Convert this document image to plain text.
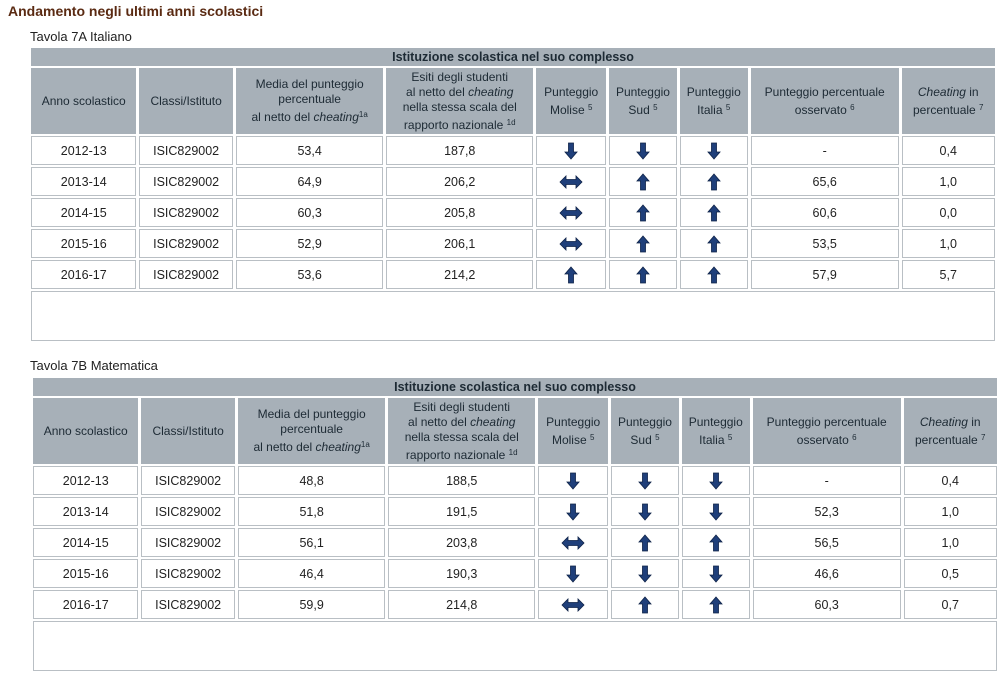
Andamento negli ultimi anni scolastici
Tavola 7A Italiano
Tavola 7B Matematica
Istituzione scolastica nel suo complesso								
Anno scolastico	Classi/Istituto	Media del punteggio
percentuale
al netto del cheating$^{1a}$	Esiti degli studenti
al netto del cheating
nella stessa scala del
rapporto nazionale $^{1d}$	Punteggio
Molise $^5$	Punteggio
Sud $^5$	Punteggio
Italia $^5$	Punteggio percentuale
osservato $^6$	Cheating in
percentuale $^7$
2012-13	ISIC829002	53,4	187,8				-	0,4
2013-14	ISIC829002	64,9	206,2				65,6	1,0
2014-15	ISIC829002	60,3	205,8				60,6	0,0
2015-16	ISIC829002	52,9	206,1				53,5	1,0
2016-17	ISIC829002	53,6	214,2				57,9	5,7

Istituzione scolastica nel suo complesso								
Anno scolastico	Classi/Istituto	Media del punteggio
percentuale
al netto del cheating$^{1a}$	Esiti degli studenti
al netto del cheating
nella stessa scala del
rapporto nazionale $^{1d}$	Punteggio
Molise $^5$	Punteggio
Sud $^5$	Punteggio
Italia $^5$	Punteggio percentuale
osservato $^6$	Cheating in
percentuale $^7$
2012-13	ISIC829002	48,8	188,5				-	0,4
2013-14	ISIC829002	51,8	191,5				52,3	1,0
2014-15	ISIC829002	56,1	203,8				56,5	1,0
2015-16	ISIC829002	46,4	190,3				46,6	0,5
2016-17	ISIC829002	59,9	214,8				60,3	0,7
